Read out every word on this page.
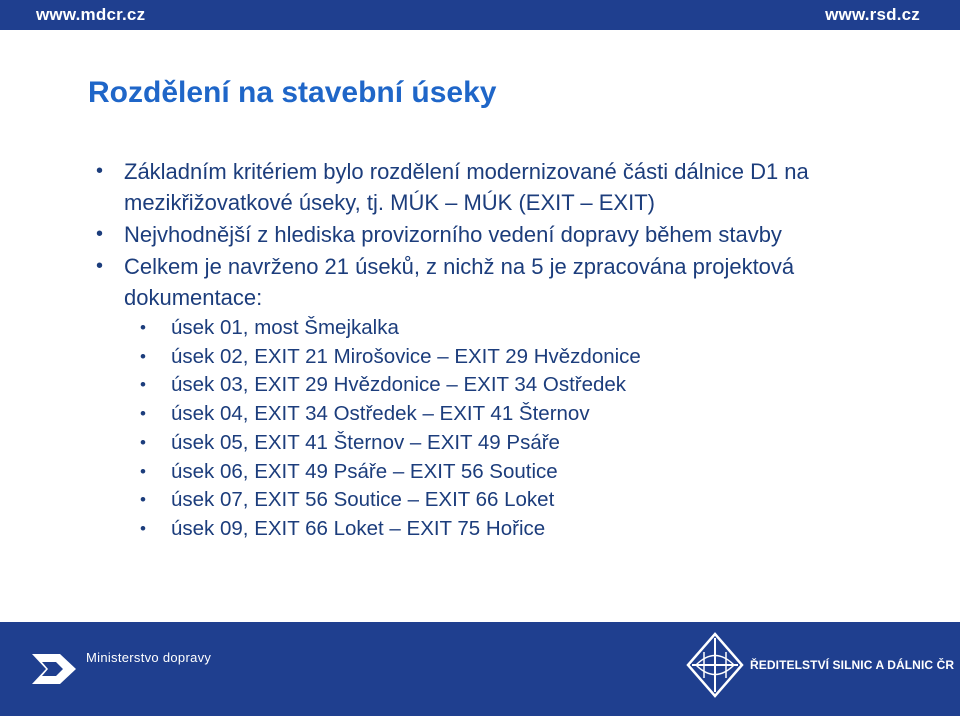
www.mdcr.cz	www.rsd.cz
Rozdělení na stavební úseky
• Základním kritériem bylo rozdělení modernizované části dálnice D1 na mezikřižovatkové úseky, tj. MÚK – MÚK (EXIT – EXIT)
• Nejvhodnější z hlediska provizorního vedení dopravy během stavby
• Celkem je navrženo 21 úseků, z nichž na 5 je zpracována projektová dokumentace:
• úsek 01, most Šmejkalka
• úsek 02, EXIT 21 Mirošovice – EXIT 29 Hvězdonice
• úsek 03, EXIT 29 Hvězdonice – EXIT 34 Ostředek
• úsek 04, EXIT 34 Ostředek – EXIT 41 Šternov
• úsek 05, EXIT 41 Šternov – EXIT 49 Psáře
• úsek 06, EXIT 49 Psáře – EXIT 56 Soutice
• úsek 07, EXIT 56 Soutice – EXIT 66 Loket
• úsek 09, EXIT 66 Loket – EXIT 75 Hořice
Ministerstvo dopravy	ŘEDITELSTVÍ SILNIC A DÁLNIC ČR
